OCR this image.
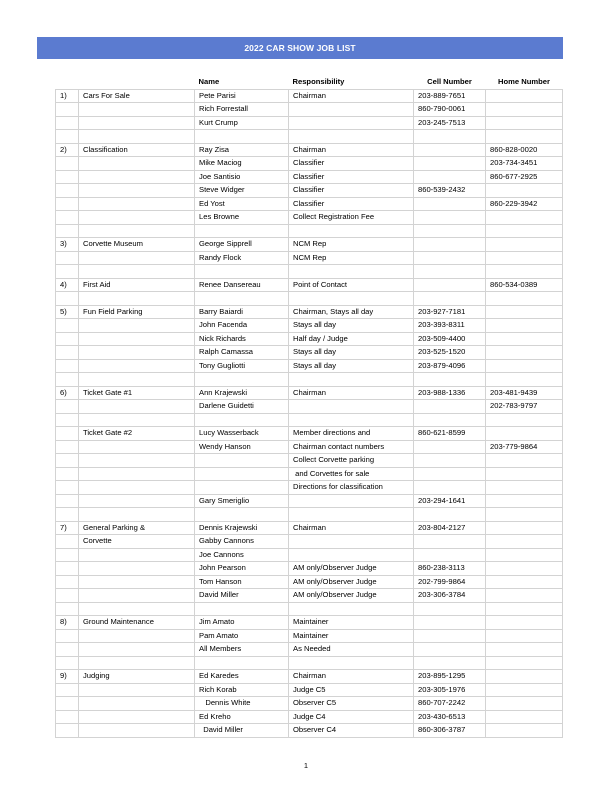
2022 CAR SHOW JOB LIST
		Name	Responsibility	Cell Number	Home Number
1)	Cars For Sale	Pete Parisi	Chairman	203-889-7651	
		Rich Forrestall		860-790-0061	
		Kurt Crump		203-245-7513	

2)	Classification	Ray Zisa	Chairman		860-828-0020
		Mike Maciog	Classifier		203-734-3451
		Joe Santisio	Classifier		860-677-2925
		Steve Widger	Classifier	860-539-2432	
		Ed Yost	Classifier		860-229-3942
		Les Browne	Collect Registration Fee		

3)	Corvette Museum	George Sipprell	NCM Rep		
		Randy Flock	NCM Rep		

4)	First Aid	Renee Dansereau	Point of Contact		860-534-0389

5)	Fun Field Parking	Barry Baiardi	Chairman, Stays all day	203-927-7181	
		John Facenda	Stays all day	203-393-8311	
		Nick Richards	Half day / Judge	203-509-4400	
		Ralph Camassa	Stays all day	203-525-1520	
		Tony Gugliotti	Stays all day	203-879-4096	

6)	Ticket Gate #1	Ann Krajewski	Chairman	203-988-1336	203-481-9439
		Darlene Guidetti			202-783-9797

	Ticket Gate #2	Lucy Wasserback	Member directions and	860-621-8599	
		Wendy Hanson	Chairman contact numbers		203-779-9864
			Collect Corvette parking		
			and Corvettes for sale		
			Directions for classification		
		Gary Smeriglio		203-294-1641	

7)	General Parking &	Dennis Krajewski	Chairman	203-804-2127	
	Corvette	Gabby Cannons			
		Joe Cannons			
		John Pearson	AM only/Observer Judge	860-238-3113	
		Tom Hanson	AM only/Observer Judge	202-799-9864	
		David Miller	AM only/Observer Judge	203-306-3784	

8)	Ground Maintenance	Jim Amato	Maintainer		
		Pam Amato	Maintainer		
		All Members	As Needed		

9)	Judging	Ed Karedes	Chairman	203-895-1295	
		Rich Korab	Judge C5	203-305-1976	
		Dennis White	Observer C5	860-707-2242	
		Ed Kreho	Judge C4	203-430-6513	
		David Miller	Observer C4	860-306-3787	
1
